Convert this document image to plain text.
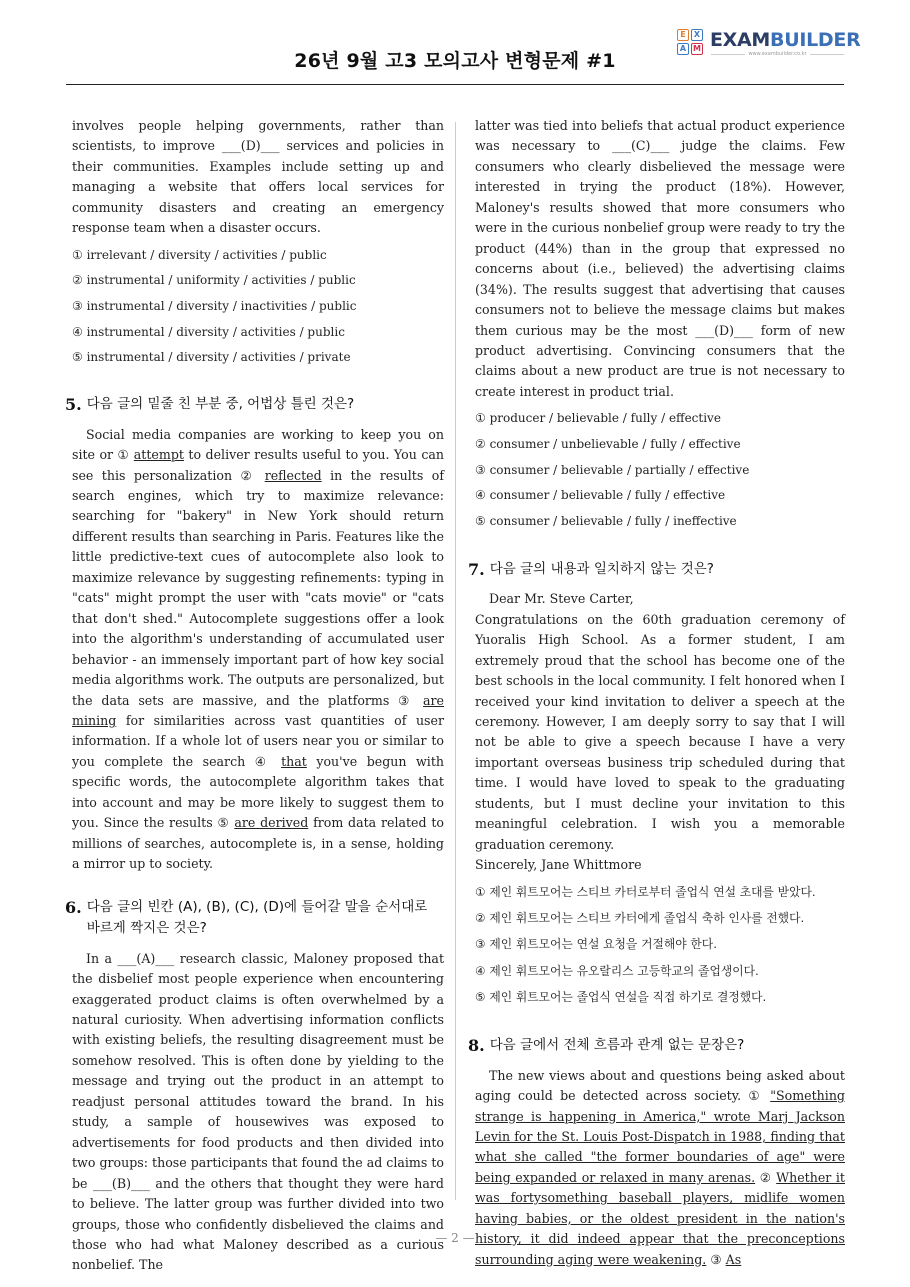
26년 9월 고3 모의고사 변형문제 #1
E	X
A M EXAMBUILDER
www.exambuilder.co.kr
involves people helping governments, rather than scientists, to improve ___(D)___ services and policies in their communities. Examples include setting up and managing a website that offers local services for community disasters and creating an emergency response team when a disaster occurs.
① irrelevant / diversity / activities / public
② instrumental / uniformity / activities / public
③ instrumental / diversity / inactivities / public
④ instrumental / diversity / activities / public
⑤ instrumental / diversity / activities / private
5. 다음 글의 밑줄 친 부분 중, 어법상 틀린 것은?
Social media companies are working to keep you on site or ① attempt to deliver results useful to you. You can see this personalization ② reflected in the results of search engines, which try to maximize relevance: searching for "bakery" in New York should return different results than searching in Paris. Features like the little predictive-text cues of autocomplete also look to maximize relevance by suggesting refinements: typing in "cats" might prompt the user with "cats movie" or "cats that don't shed." Autocomplete suggestions offer a look into the algorithm's understanding of accumulated user behavior - an immensely important part of how key social media algorithms work. The outputs are personalized, but the data sets are massive, and the platforms ③ are mining for similarities across vast quantities of user information. If a whole lot of users near you or similar to you complete the search ④ that you've begun with specific words, the autocomplete algorithm takes that into account and may be more likely to suggest them to you. Since the results ⑤ are derived from data related to millions of searches, autocomplete is, in a sense, holding a mirror up to society.
6. 다음 글의 빈칸 (A), (B), (C), (D)에 들어갈 말을 순서대로 바르게 짝지은 것은?
In a ___(A)___ research classic, Maloney proposed that the disbelief most people experience when encountering exaggerated product claims is often overwhelmed by a natural curiosity. When advertising information conflicts with existing beliefs, the resulting disagreement must be somehow resolved. This is often done by yielding to the message and trying out the product in an attempt to readjust personal attitudes toward the brand. In his study, a sample of housewives was exposed to advertisements for food products and then divided into two groups: those participants that found the ad claims to be ___(B)___ and the others that thought they were hard to believe. The latter group was further divided into two groups, those who confidently disbelieved the claims and those who had what Maloney described as a curious nonbelief. The
latter was tied into beliefs that actual product experience was necessary to ___(C)___ judge the claims. Few consumers who clearly disbelieved the message were interested in trying the product (18%). However, Maloney's results showed that more consumers who were in the curious nonbelief group were ready to try the product (44%) than in the group that expressed no concerns about (i.e., believed) the advertising claims (34%). The results suggest that advertising that causes consumers not to believe the message claims but makes them curious may be the most ___(D)___ form of new product advertising. Convincing consumers that the claims about a new product are true is not necessary to create interest in product trial.
① producer / believable / fully / effective
② consumer / unbelievable / fully / effective
③ consumer / believable / partially / effective
④ consumer / believable / fully / effective
⑤ consumer / believable / fully / ineffective
7. 다음 글의 내용과 일치하지 않는 것은?
Dear Mr. Steve Carter,
Congratulations on the 60th graduation ceremony of Yuoralis High School. As a former student, I am extremely proud that the school has become one of the best schools in the local community. I felt honored when I received your kind invitation to deliver a speech at the ceremony. However, I am deeply sorry to say that I will not be able to give a speech because I have a very important overseas business trip scheduled during that time. I would have loved to speak to the graduating students, but I must decline your invitation to this meaningful celebration. I wish you a memorable graduation ceremony.
Sincerely, Jane Whittmore
① 제인 휘트모어는 스티브 카터로부터 졸업식 연설 초대를 받았다.
② 제인 휘트모어는 스티브 카터에게 졸업식 축하 인사를 전했다.
③ 제인 휘트모어는 연설 요청을 거절해야 한다.
④ 제인 휘트모어는 유오랄리스 고등학교의 졸업생이다.
⑤ 제인 휘트모어는 졸업식 연설을 직접 하기로 결정했다.
8. 다음 글에서 전체 흐름과 관계 없는 문장은?
The new views about and questions being asked about aging could be detected across society. ① "Something strange is happening in America," wrote Marj Jackson Levin for the St. Louis Post-Dispatch in 1988, finding that what she called "the former boundaries of age" were being expanded or relaxed in many arenas. ② Whether it was fortysomething baseball players, midlife women having babies, or the oldest president in the nation's history, it did indeed appear that the preconceptions surrounding aging were weakening. ③ As
— 2 —
